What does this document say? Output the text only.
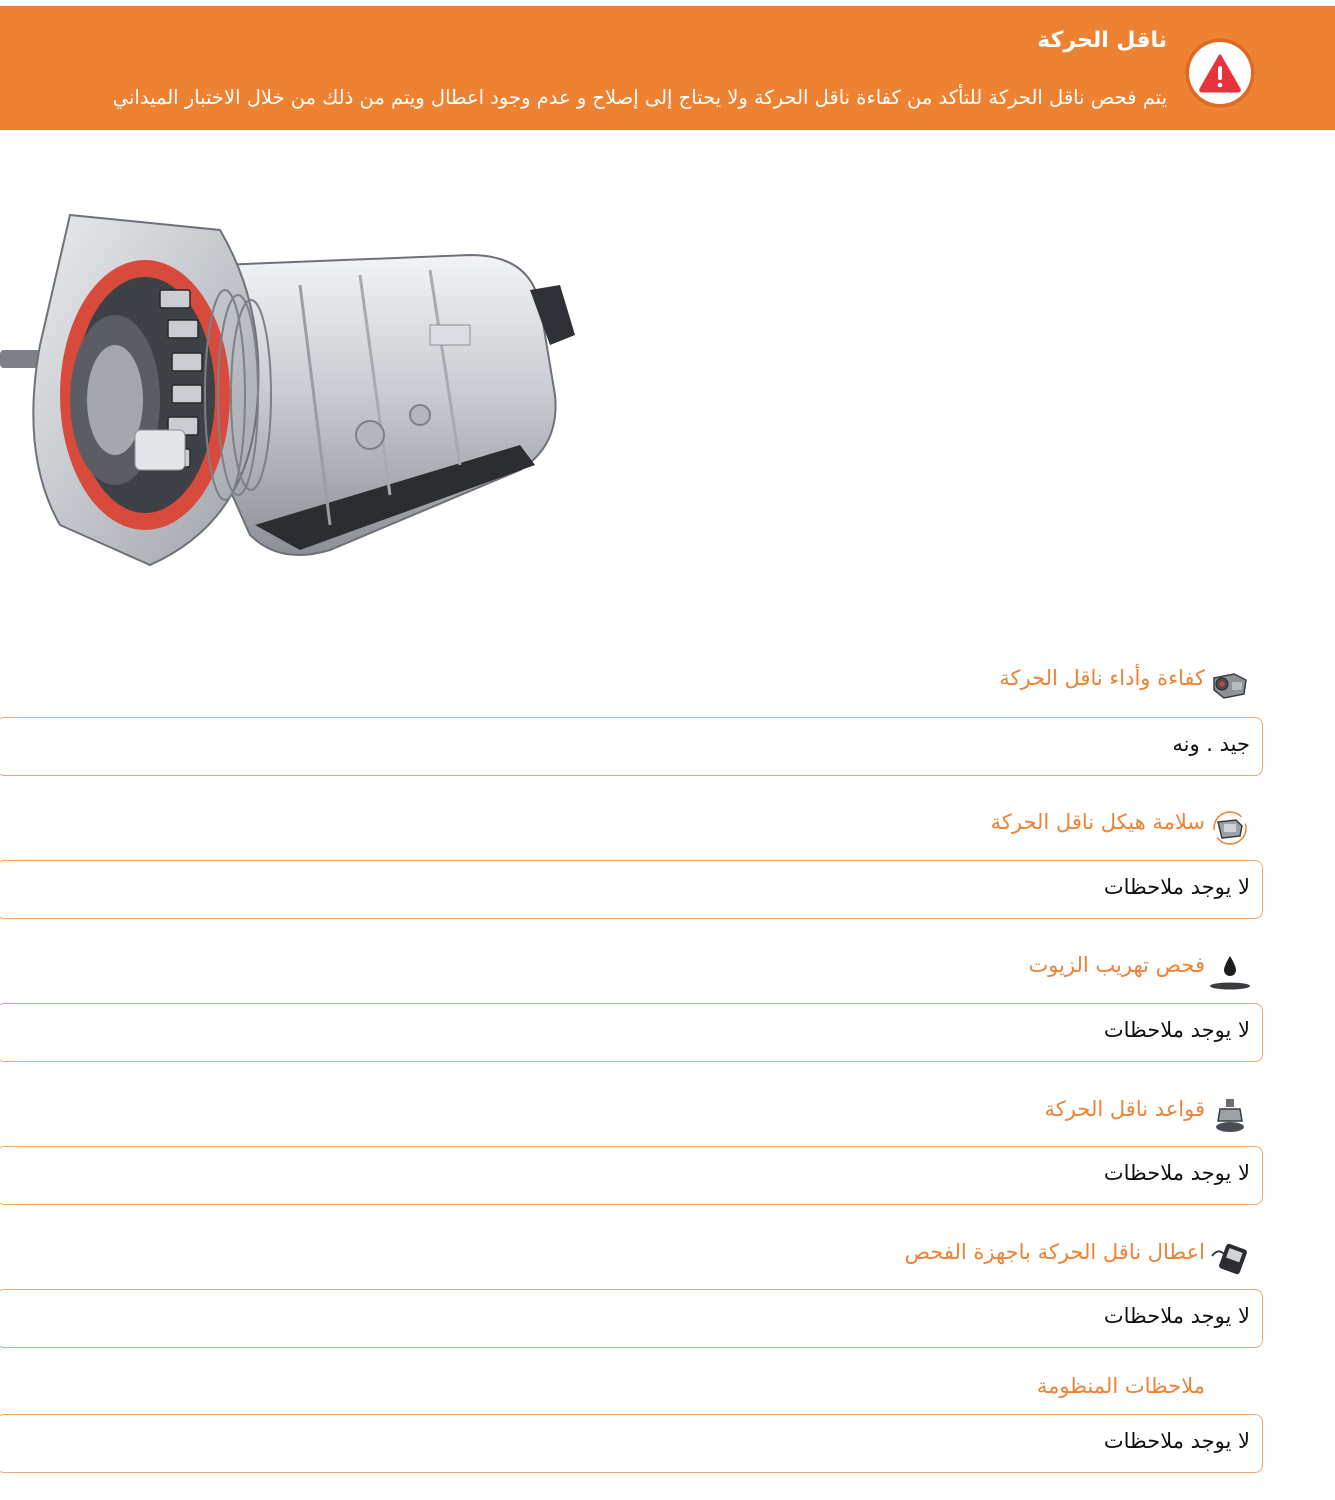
ناقل الحركة
يتم فحص ناقل الحركة للتأكد من كفاءة ناقل الحركة ولا يحتاج إلى إصلاح و عدم وجود اعطال ويتم من ذلك من خلال الاختبار الميداني
كفاءة وأداء ناقل الحركة
جيد . ونه
سلامة هيكل ناقل الحركة
لا يوجد ملاحظات
فحص تهريب الزيوت
لا يوجد ملاحظات
قواعد ناقل الحركة
لا يوجد ملاحظات
اعطال ناقل الحركة باجهزة الفحص
لا يوجد ملاحظات
ملاحظات المنظومة
لا يوجد ملاحظات
